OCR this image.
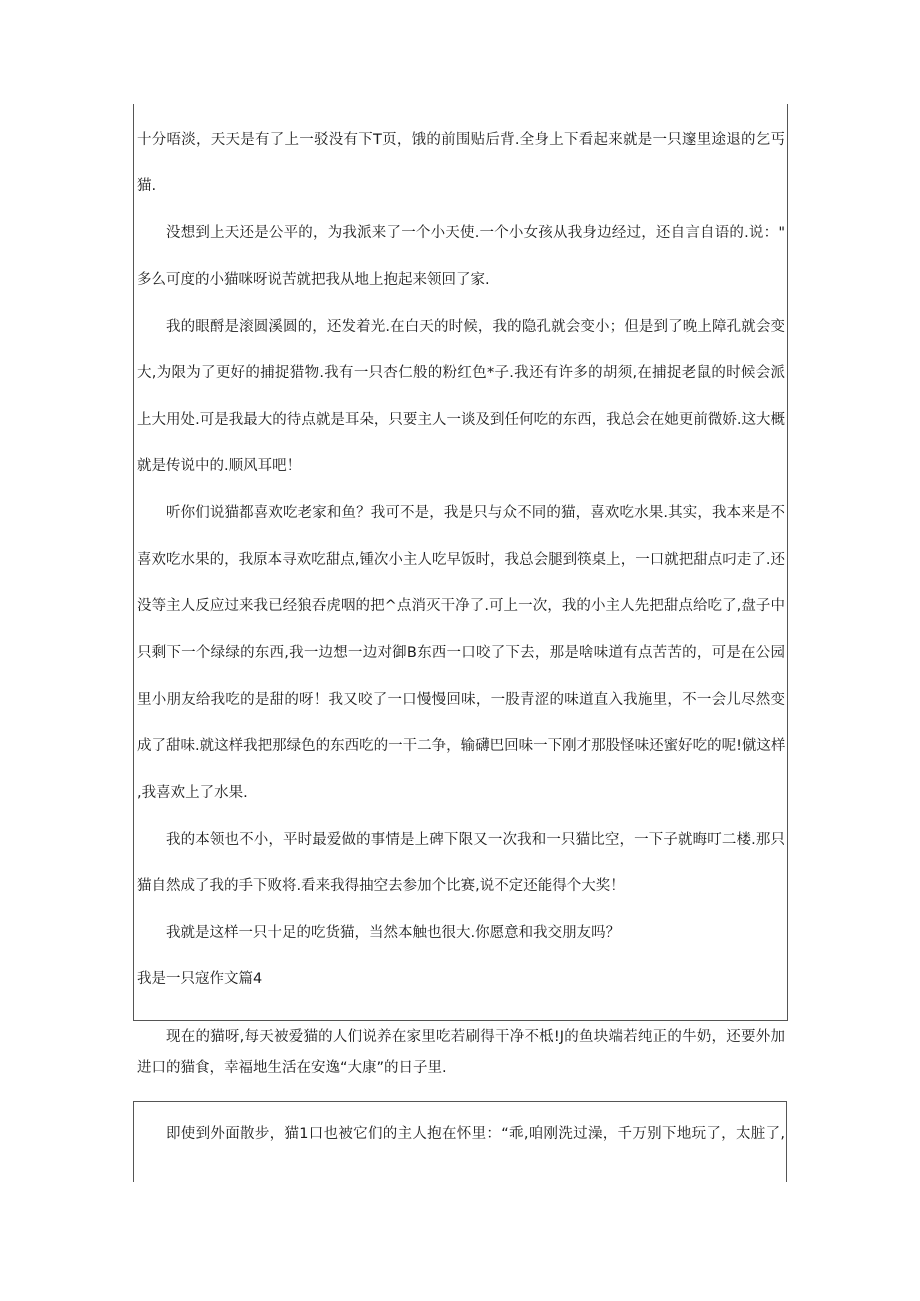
十分唔淡，天天是有了上一驳没有下T页，饿的前围贴后背.全身上下看起来就是一只邃里途退的乞丐
猫.
没想到上天还是公平的，为我派来了一个小天使.一个小女孩从我身边经过，还自言自语的.说："
多么可度的小猫咪呀说苦就把我从地上抱起来领回了家.
我的眼酹是滚圆溪圆的，还发着光.在白天的时候，我的隐孔就会变小；但是到了晚上障孔就会变
大,为限为了更好的捕捉猎物.我有一只杏仁般的粉红色*子.我还有许多的胡须,在捕捉老鼠的时候会派
上大用处.可是我最大的待点就是耳朵，只要主人一谈及到任何吃的东西，我总会在她更前微娇.这大概
就是传说中的.顺风耳吧！
听你们说猫都喜欢吃老家和鱼？我可不是，我是只与众不同的猫，喜欢吃水果.其实，我本来是不
喜欢吃水果的，我原本寻欢吃甜点,锺次小主人吃早饭时，我总会腿到筷桌上，一口就把甜点叼走了.还
没等主人反应过来我已经狼吞虎咽的把^点消灭干净了.可上一次，我的小主人先把甜点给吃了,盘子中
只剩下一个绿绿的东西,我一边想一边对御B东西一口咬了下去，那是啥味道有点苦苦的，可是在公园
里小朋友给我吃的是甜的呀！我又咬了一口慢慢回味，一股青涩的味道直入我施里，不一会儿尽然变
成了甜味.就这样我把那绿色的东西吃的一干二争，输礴巴回味一下刚才那股怪味还蜜好吃的呢!僦这样
,我喜欢上了水果.
我的本领也不小，平时最爱做的事情是上碑下限又一次我和一只猫比空，一下子就晦叮二楼.那只
猫自然成了我的手下败将.看来我得抽空去参加个比赛,说不定还能得个大奖！
我就是这样一只十足的吃货猫，当然本触也很大.你愿意和我交朋友吗？
我是一只寇作文篇4
现在的猫呀,每天被爱猫的人们说养在家里吃若刷得干净不柢!J的鱼块端若纯正的牛奶，还要外加
进口的猫食，幸福地生活在安逸“大康”的日子里.
即使到外面散步，猫1口也被它们的主人抱在怀里：“乖,咱刚洗过澡，千万别下地玩了，太脏了,
